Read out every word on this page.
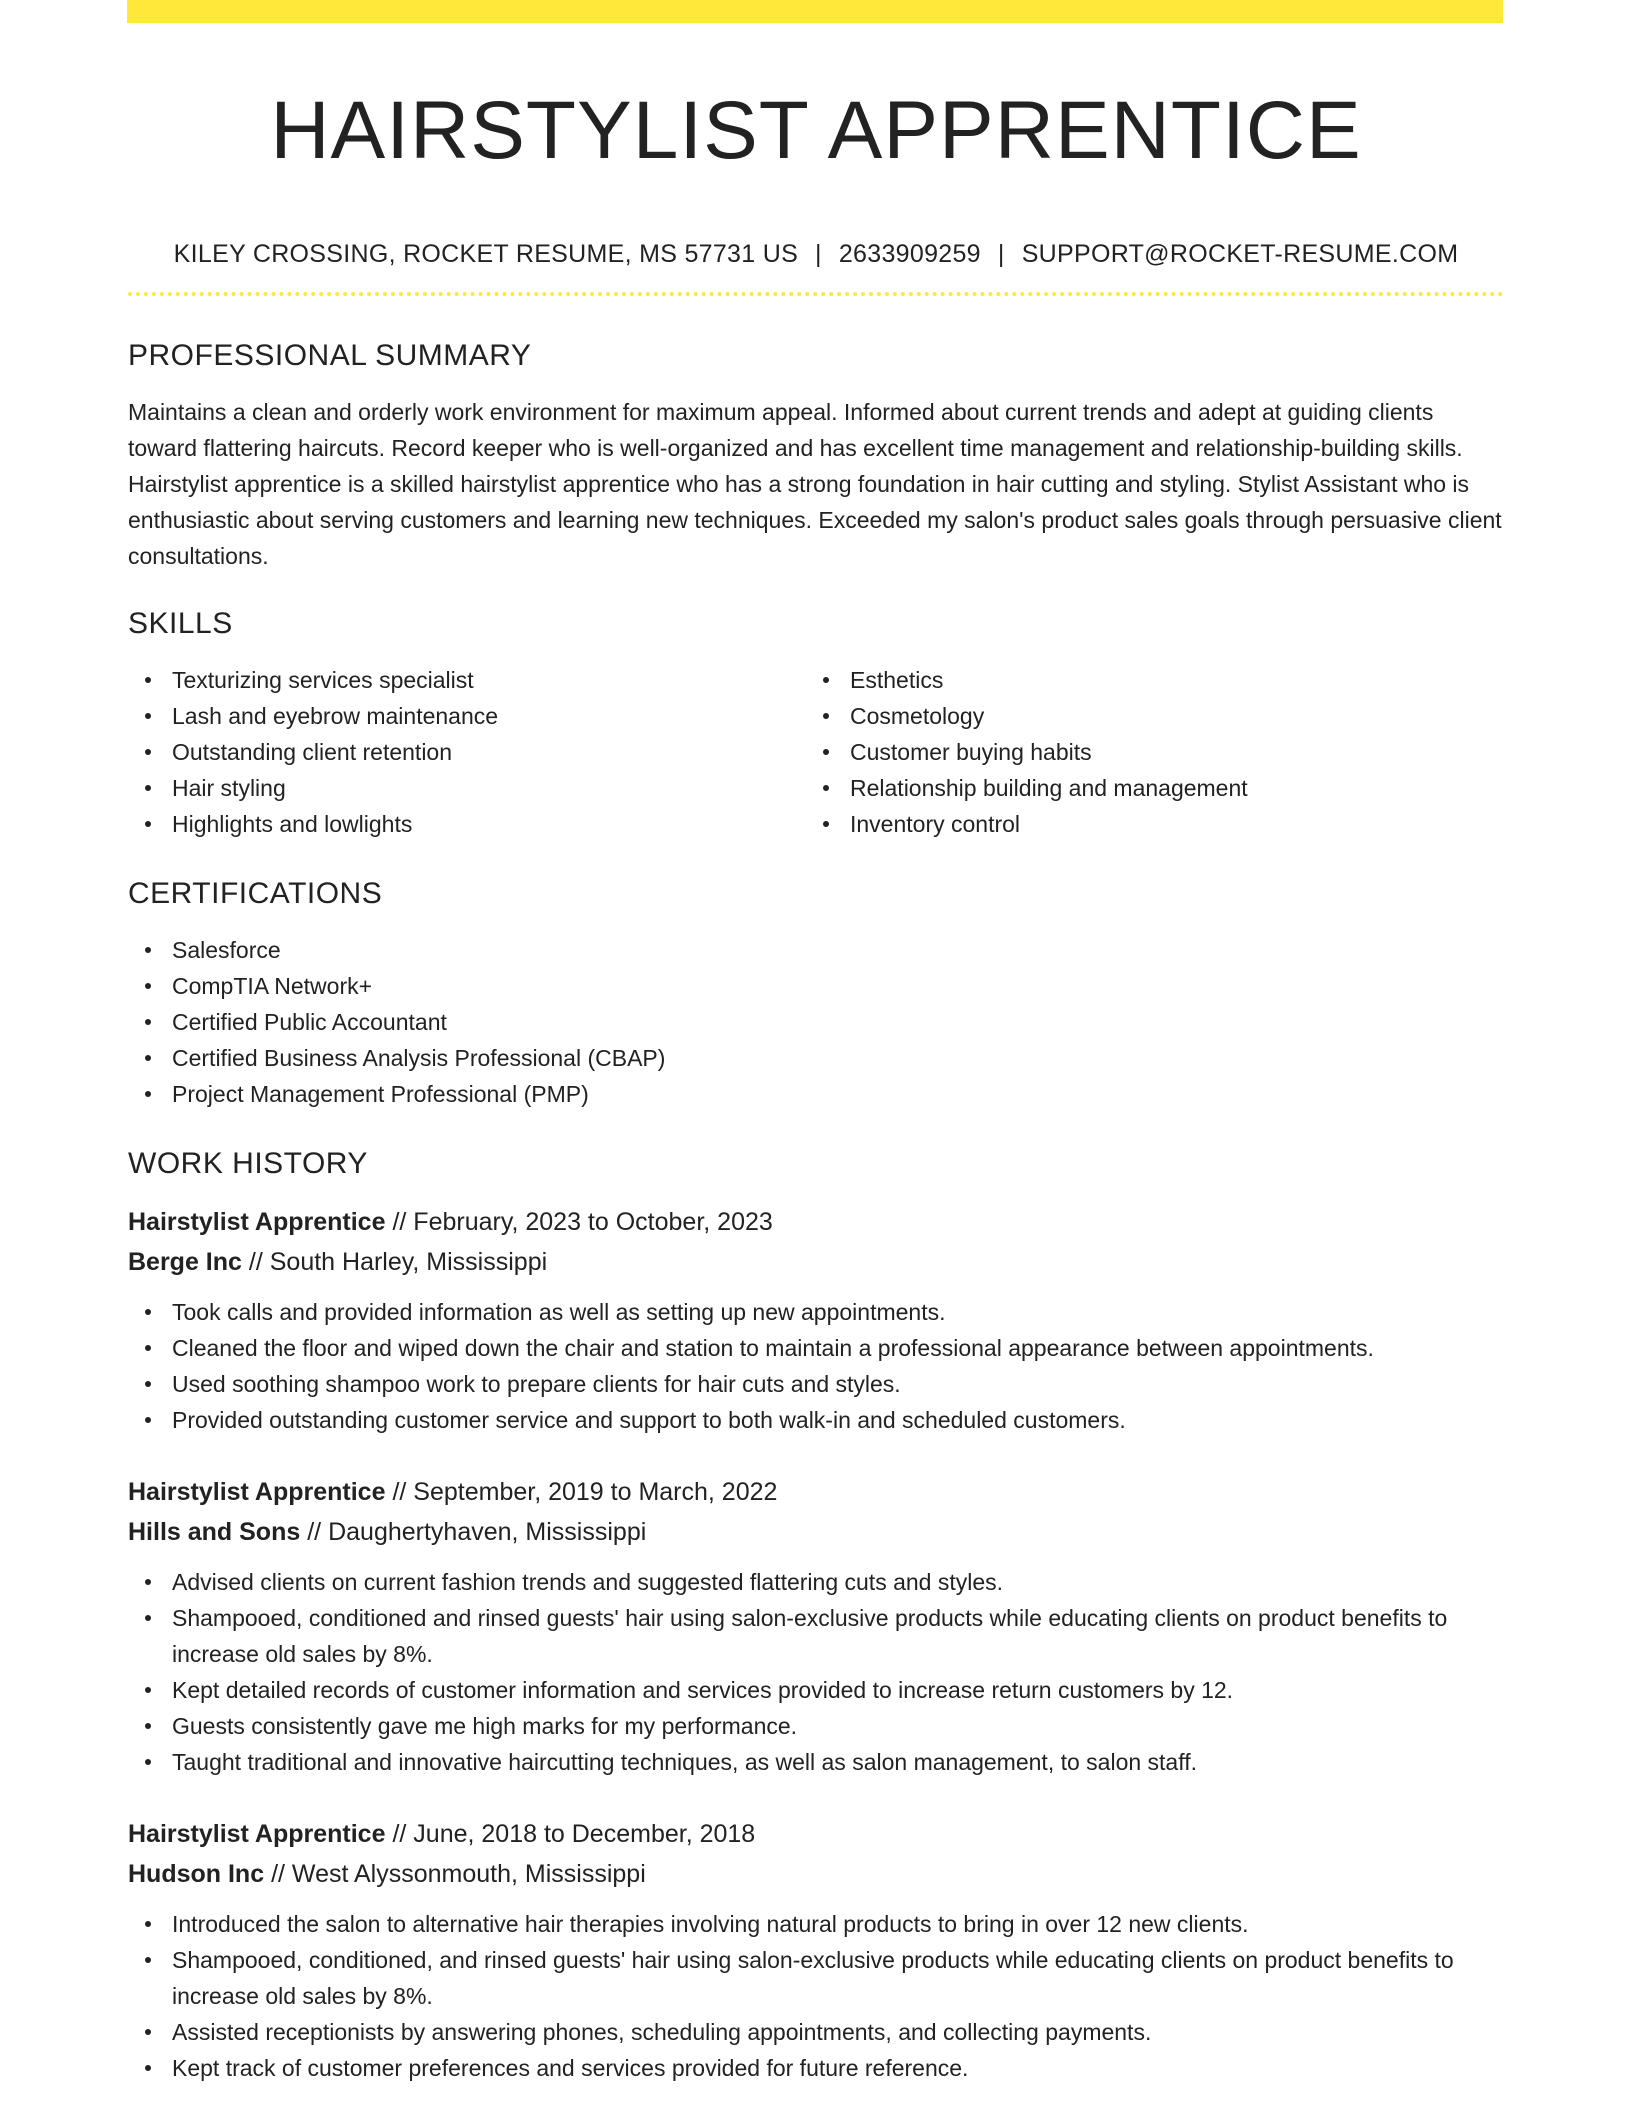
HAIRSTYLIST APPRENTICE
KILEY CROSSING, ROCKET RESUME, MS 57731 US | 2633909259 | SUPPORT@ROCKET-RESUME.COM
PROFESSIONAL SUMMARY

Maintains a clean and orderly work environment for maximum appeal. Informed about current trends and adept at guiding clients toward flattering haircuts. Record keeper who is well-organized and has excellent time management and relationship-building skills. Hairstylist apprentice is a skilled hairstylist apprentice who has a strong foundation in hair cutting and styling. Stylist Assistant who is enthusiastic about serving customers and learning new techniques. Exceeded my salon's product sales goals through persuasive client consultations.

SKILLS
Texturizing services specialist
Lash and eyebrow maintenance
Outstanding client retention
Hair styling
Highlights and lowlights
Esthetics
Cosmetology
Customer buying habits
Relationship building and management
Inventory control
CERTIFICATIONS
Salesforce
CompTIA Network+
Certified Public Accountant
Certified Business Analysis Professional (CBAP)
Project Management Professional (PMP)
WORK HISTORY
Hairstylist Apprentice // February, 2023 to October, 2023
Berge Inc // South Harley, Mississippi
Took calls and provided information as well as setting up new appointments.
Cleaned the floor and wiped down the chair and station to maintain a professional appearance between appointments.
Used soothing shampoo work to prepare clients for hair cuts and styles.
Provided outstanding customer service and support to both walk-in and scheduled customers.
Hairstylist Apprentice // September, 2019 to March, 2022
Hills and Sons // Daughertyhaven, Mississippi
Advised clients on current fashion trends and suggested flattering cuts and styles.
Shampooed, conditioned and rinsed guests' hair using salon-exclusive products while educating clients on product benefits to increase old sales by 8%.
Kept detailed records of customer information and services provided to increase return customers by 12.
Guests consistently gave me high marks for my performance.
Taught traditional and innovative haircutting techniques, as well as salon management, to salon staff.
Hairstylist Apprentice // June, 2018 to December, 2018
Hudson Inc // West Alyssonmouth, Mississippi
Introduced the salon to alternative hair therapies involving natural products to bring in over 12 new clients.
Shampooed, conditioned, and rinsed guests' hair using salon-exclusive products while educating clients on product benefits to increase old sales by 8%.
Assisted receptionists by answering phones, scheduling appointments, and collecting payments.
Kept track of customer preferences and services provided for future reference.
